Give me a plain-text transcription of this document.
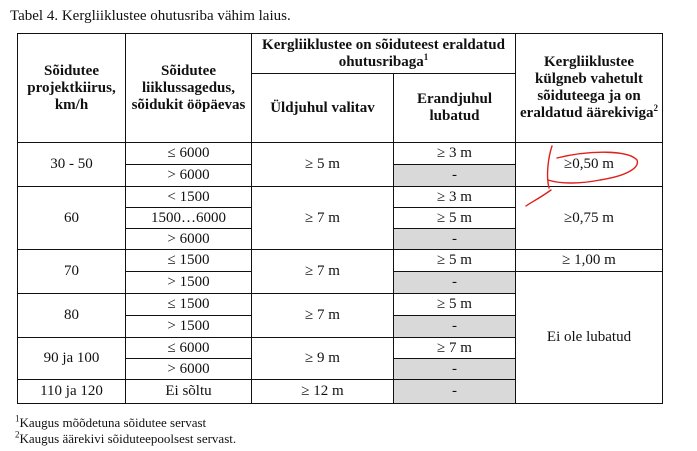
Tabel 4. Kergliiklustee ohutusriba vähim laius.
Sõidutee projektkiirus, km/h	Sõidutee liiklussagedus, sõidukit ööpäevas	Kergliiklustee on sõiduteest eraldatud ohutusribaga$^1$		Kergliiklustee külgneb vahetult sõiduteega ja on eraldatud äärekiviga$^2$
		Üldjuhul valitav	Erandjuhul lubatud	
30 - 50	≤ 6000	≥ 5 m	≥ 3 m	≥0,50 m
	> 6000		-	
60	< 1500	≥ 7 m	≥ 3 m	≥0,75 m
	1500…6000		≥ 5 m	
	> 6000		-	
70	≤ 1500	≥ 7 m	≥ 5 m	≥ 1,00 m
	> 1500		-	Ei ole lubatud
80	≤ 1500	≥ 7 m	≥ 5 m	
	> 1500		-	
90 ja 100	≤ 6000	≥ 9 m	≥ 7 m	
	> 6000		-	
110 ja 120	Ei sõltu	≥ 12 m	-	
$^1$Kaugus mõõdetuna sõidutee servast
$^2$Kaugus äärekivi sõiduteepoolsest servast.
